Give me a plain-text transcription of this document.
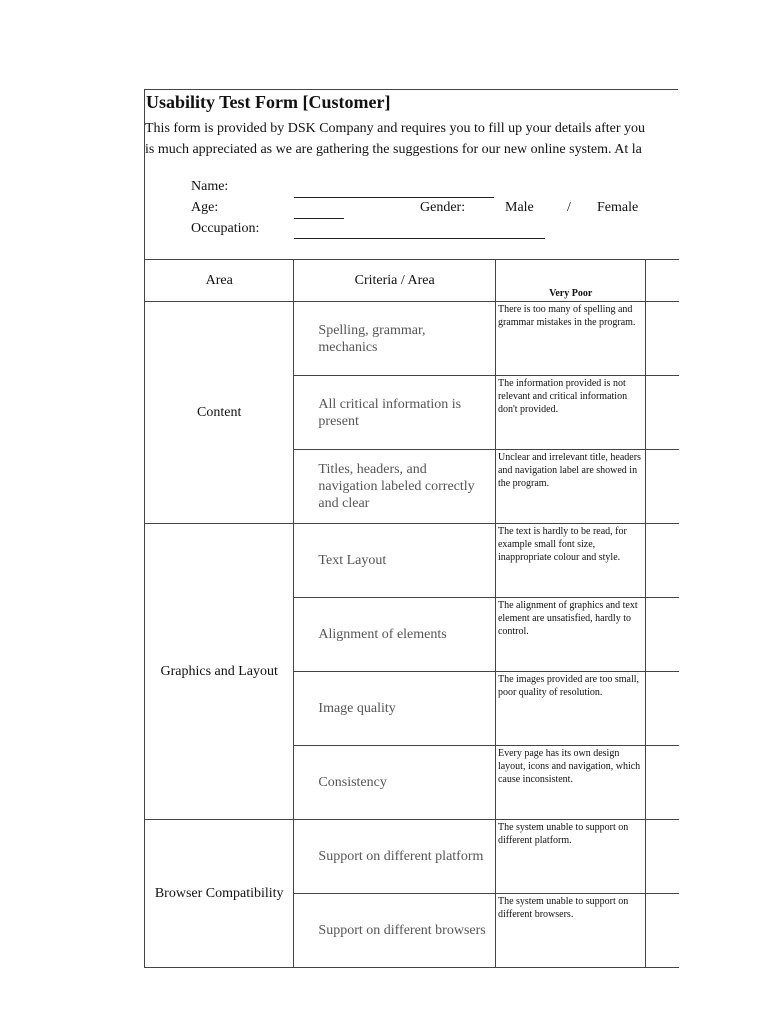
Usability Test Form [Customer]
This form is provided by DSK Company and requires you to fill up your details after you
is much appreciated as we are gathering the suggestions for our new online system. At la
Name:
Age:	Gender:	Male / Female
Occupation:
Area	Criteria / Area	Very Poor	
Content	Spelling, grammar, mechanics	There is too many of spelling and grammar mistakes in the program.	
	All critical information is present	The information provided is not relevant and critical information don't provided.	
	Titles, headers, and navigation labeled correctly and clear	Unclear and irrelevant title, headers and navigation label are showed in the program.	
Graphics and Layout	Text Layout	The text is hardly to be read, for example small font size, inappropriate colour and style.	
	Alignment of elements	The alignment of graphics and text element are unsatisfied, hardly to control.	
	Image quality	The images provided are too small, poor quality of resolution.	
	Consistency	Every page has its own design layout, icons and navigation, which cause inconsistent.	
Browser Compatibility	Support on different platform	The system unable to support on different platform.	
	Support on different browsers	The system unable to support on different browsers.	
